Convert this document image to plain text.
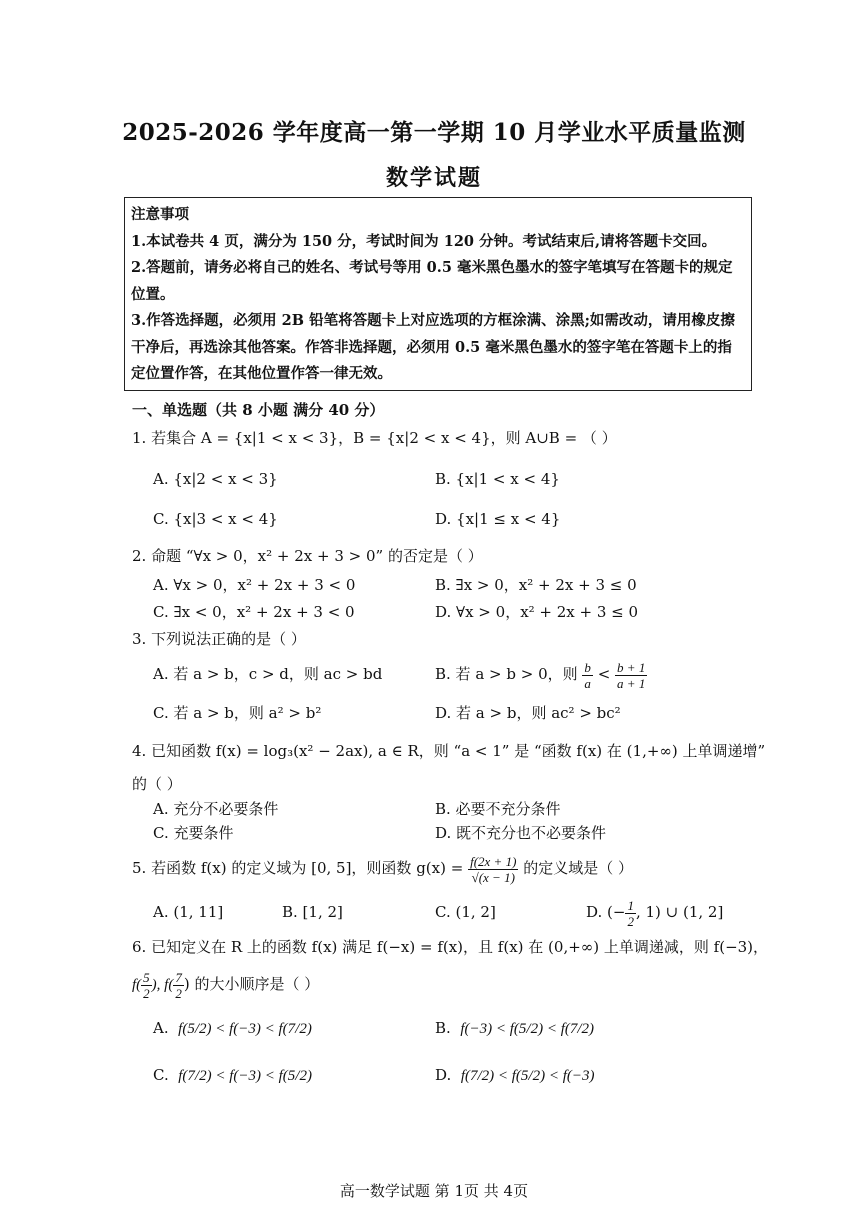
2025-2026 学年度高一第一学期 10 月学业水平质量监测
数学试题

注意事项

1.本试卷共 4 页，满分为 150 分，考试时间为 120 分钟。考试结束后,请将答题卡交回。

2.答题前，请务必将自己的姓名、考试号等用 0.5 毫米黑色墨水的签字笔填写在答题卡的规定

位置。

3.作答选择题，必须用 2B 铅笔将答题卡上对应选项的方框涂满、涂黑;如需改动，请用橡皮擦

干净后，再选涂其他答案。作答非选择题，必须用 0.5 毫米黑色墨水的签字笔在答题卡上的指

定位置作答，在其他位置作答一律无效。

一、单选题（共 8 小题 满分 40 分）
1. 若集合 A = {x|1 < x < 3}，B = {x|2 < x < 4}，则 A∪B = （ ）
A. {x|2 < x < 3}	B. {x|1 < x < 4}
C. {x|3 < x < 4}	D. {x|1 ≤ x < 4}
2. 命题 “∀x > 0，x² + 2x + 3 > 0” 的否定是（ ）
A. ∀x > 0，x² + 2x + 3 < 0	B. ∃x > 0，x² + 2x + 3 ≤ 0
C. ∃x < 0，x² + 2x + 3 < 0	D. ∀x > 0，x² + 2x + 3 ≤ 0
3. 下列说法正确的是（ ）
A. 若 a > b，c > d，则 ac > bd	B. 若 a > b > 0，则 $\frac{b}{a} < \frac{b + 1}{a + 1}$
C. 若 a > b，则 a² > b²	D. 若 a > b，则 ac² > bc²
4. 已知函数 f(x) = log₃(x² − 2ax), a ∈ R，则 “a < 1” 是 “函数 f(x) 在 (1,+∞) 上单调递增”
的（ ）
A. 充分不必要条件	B. 必要不充分条件
C. 充要条件	D. 既不充分也不必要条件
5. 若函数 f(x) 的定义域为 [0, 5]，则函数 $g(x) = \frac{f(2x + 1)}{√(x - 1)}$ 的定义域是（ ）
A. (1, 11]	B. [1, 2]	C. (1, 2]	D. (− $\frac{1}{2}$ , 1) ∪ (1, 2]
6. 已知定义在 R 上的函数 f(x) 满足 f(−x) = f(x)，且 f(x) 在 (0,+∞) 上单调递减，则 f(−3)，
$f( \frac{5}{2}$ ), $f( \frac{7}{2}$ ) 的大小顺序是（ ）
A. f(5/2) < f(−3) < f(7/2)	B. f(−3) < f(5/2) < f(7/2)
C. f(7/2) < f(−3) < f(5/2)	D. f(7/2) < f(5/2) < f(−3)
高一数学试题 第 1页 共 4页
